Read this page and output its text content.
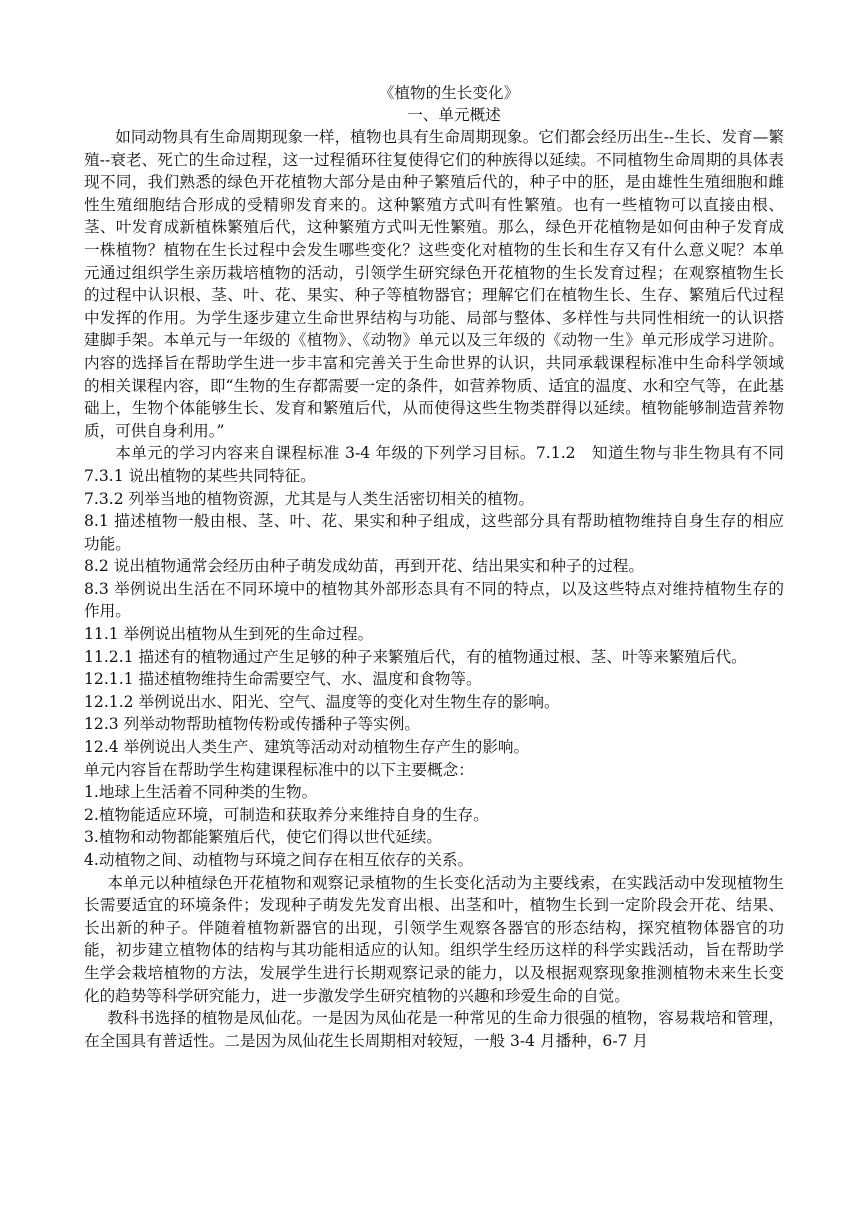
《植物的生长变化》

一、单元概述

如同动物具有生命周期现象一样，植物也具有生命周期现象。它们都会经历出生--生长、发育—繁殖--衰老、死亡的生命过程，这一过程循环往复使得它们的种族得以延续。不同植物生命周期的具体表现不同，我们熟悉的绿色开花植物大部分是由种子繁殖后代的，种子中的胚，是由雄性生殖细胞和雌性生殖细胞结合形成的受精卵发育来的。这种繁殖方式叫有性繁殖。也有一些植物可以直接由根、茎、叶发育成新植株繁殖后代，这种繁殖方式叫无性繁殖。那么，绿色开花植物是如何由种子发育成一株植物？植物在生长过程中会发生哪些变化？这些变化对植物的生长和生存又有什么意义呢？本单元通过组织学生亲历栽培植物的活动，引领学生研究绿色开花植物的生长发育过程；在观察植物生长的过程中认识根、茎、叶、花、果实、种子等植物器官；理解它们在植物生长、生存、繁殖后代过程中发挥的作用。为学生逐步建立生命世界结构与功能、局部与整体、多样性与共同性相统一的认识搭建脚手架。本单元与一年级的《植物》、《动物》单元以及三年级的《动物一生》单元形成学习进阶。内容的选择旨在帮助学生进一步丰富和完善关于生命世界的认识，共同承载课程标准中生命科学领域的相关课程内容，即“生物的生存都需要一定的条件，如营养物质、适宜的温度、水和空气等，在此基础上，生物个体能够生长、发育和繁殖后代，从而使得这些生物类群得以延续。植物能够制造营养物质，可供自身利用。”

本单元的学习内容来自课程标准 3-4 年级的下列学习目标。7.1.2　知道生物与非生物具有不同 7.3.1 说出植物的某些共同特征。

7.3.2 列举当地的植物资源，尤其是与人类生活密切相关的植物。

8.1 描述植物一般由根、茎、叶、花、果实和种子组成，这些部分具有帮助植物维持自身生存的相应功能。

8.2 说出植物通常会经历由种子萌发成幼苗，再到开花、结出果实和种子的过程。

8.3 举例说出生活在不同环境中的植物其外部形态具有不同的特点，以及这些特点对维持植物生存的作用。

11.1 举例说出植物从生到死的生命过程。

11.2.1 描述有的植物通过产生足够的种子来繁殖后代，有的植物通过根、茎、叶等来繁殖后代。

12.1.1 描述植物维持生命需要空气、水、温度和食物等。

12.1.2 举例说出水、阳光、空气、温度等的变化对生物生存的影响。

12.3 列举动物帮助植物传粉或传播种子等实例。

12.4 举例说出人类生产、建筑等活动对动植物生存产生的影响。

单元内容旨在帮助学生构建课程标准中的以下主要概念：

1.地球上生活着不同种类的生物。

2.植物能适应环境，可制造和获取养分来维持自身的生存。

3.植物和动物都能繁殖后代，使它们得以世代延续。

4.动植物之间、动植物与环境之间存在相互依存的关系。

本单元以种植绿色开花植物和观察记录植物的生长变化活动为主要线索，在实践活动中发现植物生长需要适宜的环境条件；发现种子萌发先发育出根、出茎和叶，植物生长到一定阶段会开花、结果、长出新的种子。伴随着植物新器官的出现，引领学生观察各器官的形态结构，探究植物体器官的功能，初步建立植物体的结构与其功能相适应的认知。组织学生经历这样的科学实践活动，旨在帮助学生学会栽培植物的方法，发展学生进行长期观察记录的能力，以及根据观察现象推测植物未来生长变化的趋势等科学研究能力，进一步激发学生研究植物的兴趣和珍爱生命的自觉。

教科书选择的植物是凤仙花。一是因为凤仙花是一种常见的生命力很强的植物，容易栽培和管理，在全国具有普适性。二是因为凤仙花生长周期相对较短，一般 3-4 月播种，6-7 月
